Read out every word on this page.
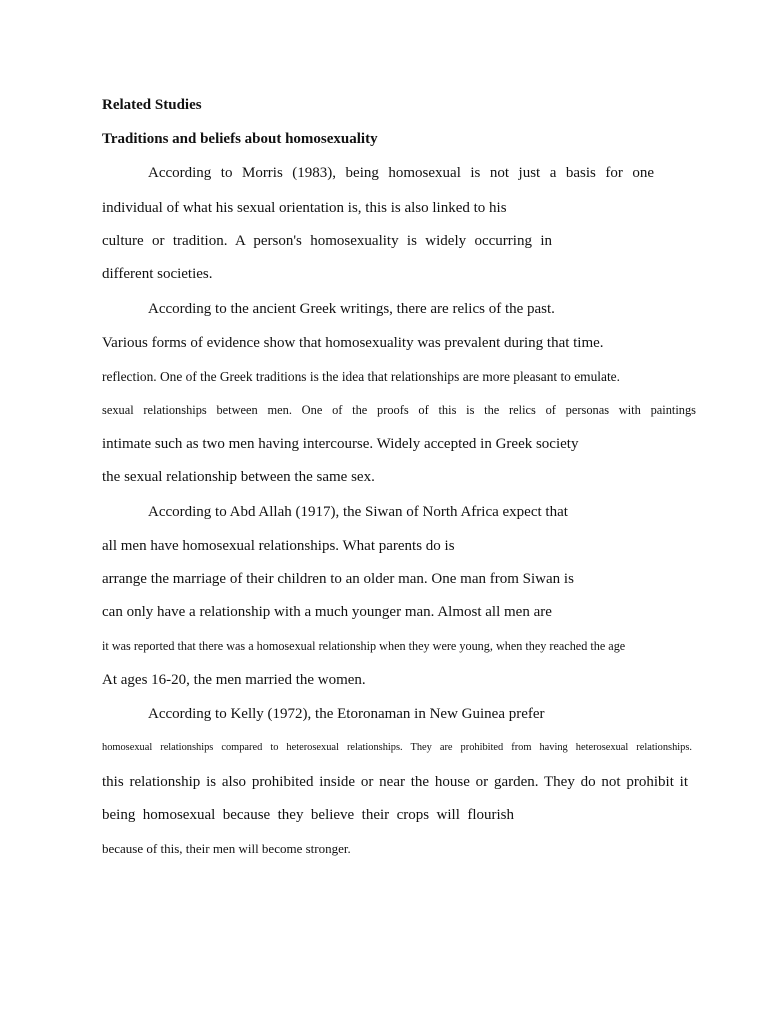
Related Studies
Traditions and beliefs about homosexuality
According to Morris (1983), being homosexual is not just a basis for one
individual of what his sexual orientation is, this is also linked to his
culture or tradition. A person's homosexuality is widely occurring in
different societies.
According to the ancient Greek writings, there are relics of the past.
Various forms of evidence show that homosexuality was prevalent during that time.
reflection. One of the Greek traditions is the idea that relationships are more pleasant to emulate.
sexual relationships between men. One of the proofs of this is the relics of personas with paintings
intimate such as two men having intercourse. Widely accepted in Greek society
the sexual relationship between the same sex.
According to Abd Allah (1917), the Siwan of North Africa expect that
all men have homosexual relationships. What parents do is
arrange the marriage of their children to an older man. One man from Siwan is
can only have a relationship with a much younger man. Almost all men are
it was reported that there was a homosexual relationship when they were young, when they reached the age
At ages 16-20, the men married the women.
According to Kelly (1972), the Etoronaman in New Guinea prefer
homosexual relationships compared to heterosexual relationships. They are prohibited from having heterosexual relationships.
this relationship is also prohibited inside or near the house or garden. They do not prohibit it
being homosexual because they believe their crops will flourish
because of this, their men will become stronger.
